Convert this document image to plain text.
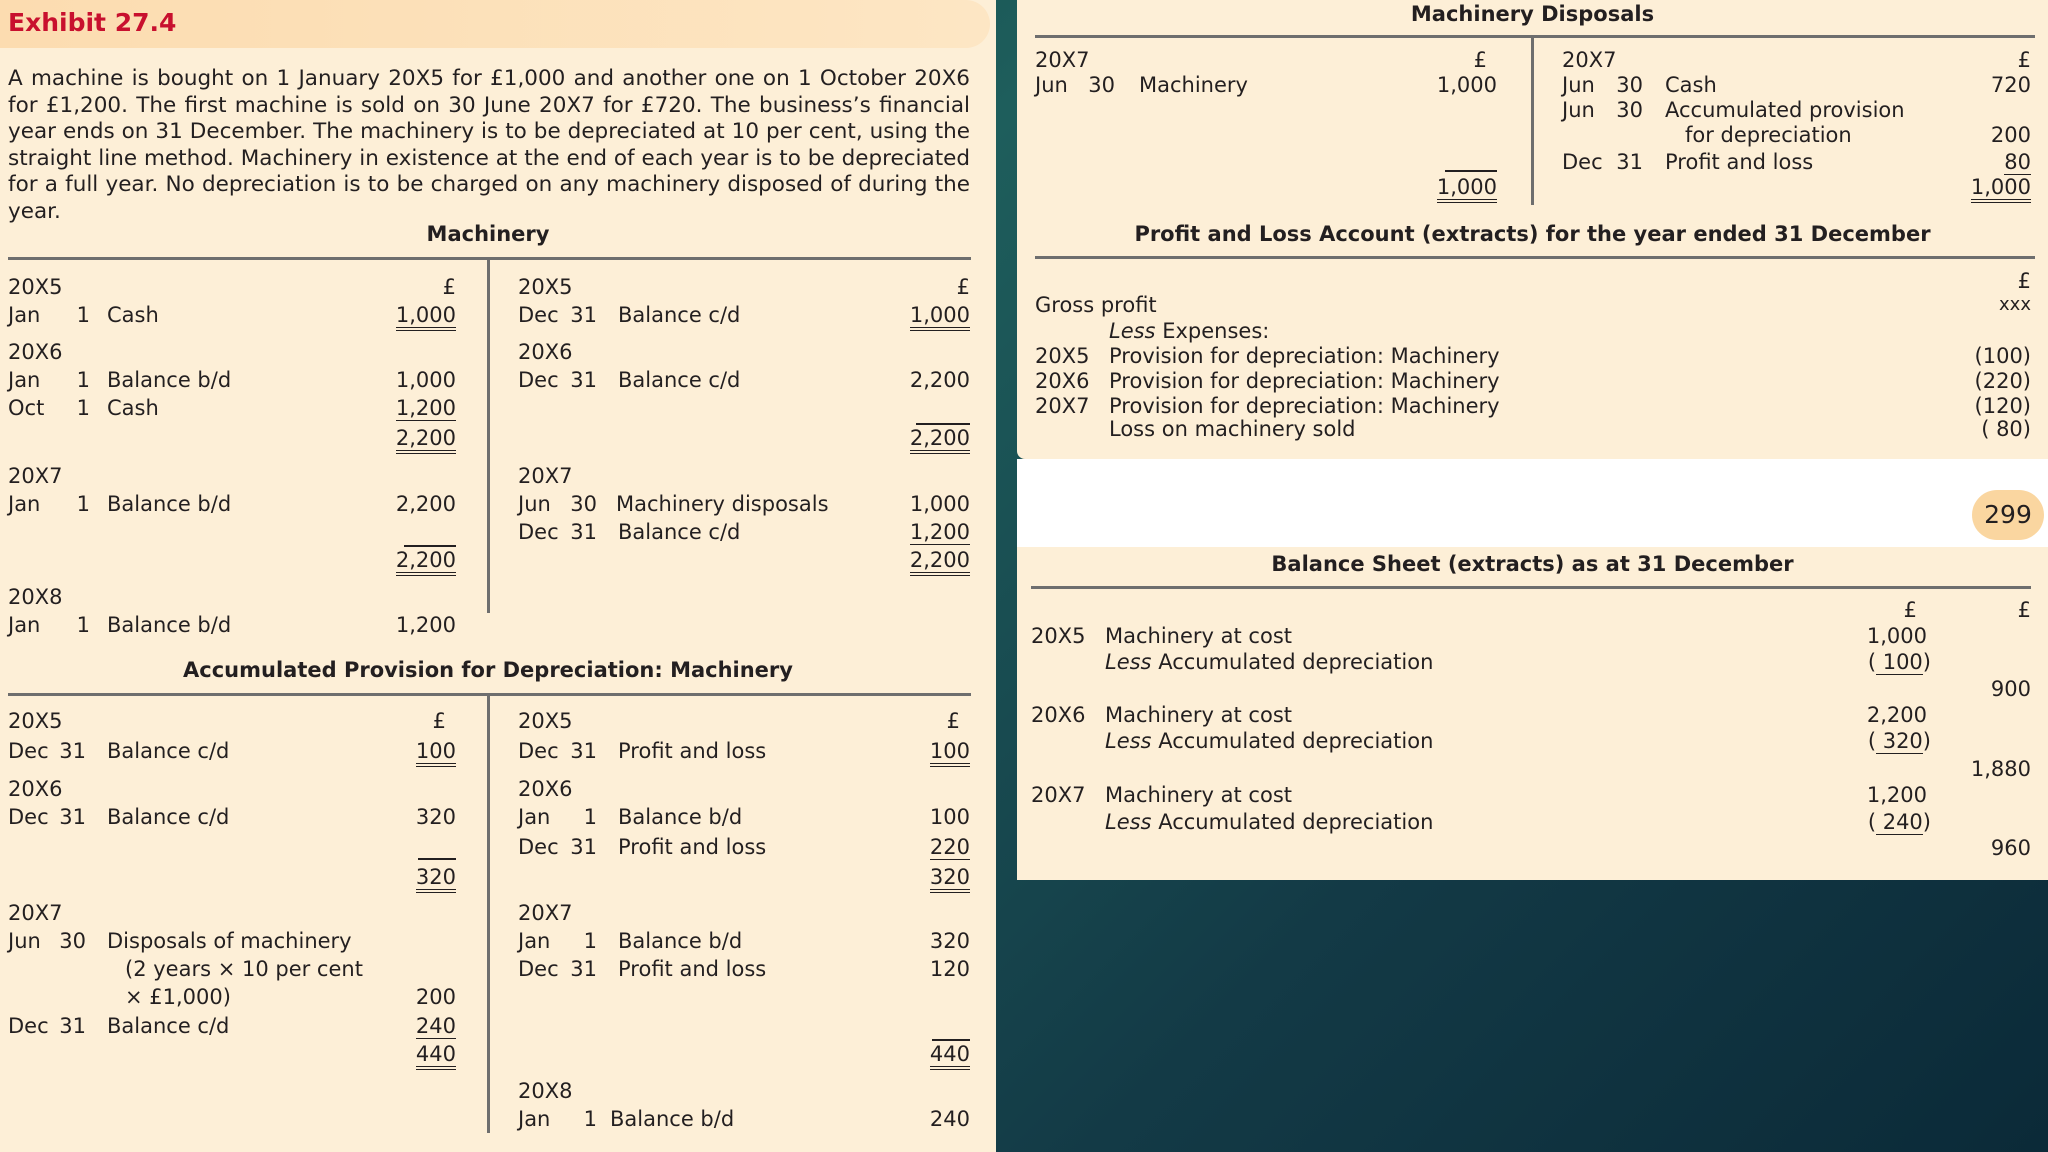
Exhibit 27.4
A machine is bought on 1 January 20X5 for £1,000 and another one on 1 October 20X6 for £1,200. The first machine is sold on 30 June 20X7 for £720. The business’s financial year ends on 31 December. The machinery is to be depreciated at 10 per cent, using the straight line method. Machinery in existence at the end of each year is to be depreciated for a full year. No depreciation is to be charged on any machinery disposed of during the year.
Machinery
20X5	£
Jan	1 Cash	1,000
20X6
Jan	1 Balance b/d	1,000
Oct	1 Cash	1,200
2,200
20X7
Jan	1 Balance b/d	2,200
2,200
20X8
Jan	1 Balance b/d	1,200
20X5	£
Dec 31 Balance c/d	1,000
20X6
Dec 31 Balance c/d	2,200
2,200
20X7
Jun 30 Machinery disposals	1,000
Dec 31 Balance c/d	1,200
2,200
Accumulated Provision for Depreciation: Machinery
20X5	£
Dec 31 Balance c/d	100
20X6
Dec 31 Balance c/d	320
320
20X7
Jun 30 Disposals of machinery
(2 years × 10 per cent
× £1,000)	200
Dec 31 Balance c/d	240
440
20X5	£
Dec 31 Profit and loss	100
20X6
Jan	1 Balance b/d	100
Dec 31 Profit and loss	220
320
20X7
Jan	1 Balance b/d	320
Dec 31 Profit and loss	120
440
20X8
Jan	1 Balance b/d	240
Machinery Disposals
20X7	£
Jun 30 Machinery	1,000
1,000
20X7	£
Jun	30 Cash	720
Jun	30 Accumulated provision
for depreciation	200
Dec 31 Profit and loss	80
1,000
Profit and Loss Account (extracts) for the year ended 31 December
£
Gross profit	xxx
Less Expenses:
20X5 Provision for depreciation: Machinery	(100)
20X6 Provision for depreciation: Machinery	(220)
20X7 Provision for depreciation: Machinery	(120)
Loss on machinery sold	( 80)
299
Balance Sheet (extracts) as at 31 December
£	£
20X5 Machinery at cost	1,000
Less Accumulated depreciation	( 100)
900
20X6 Machinery at cost	2,200
Less Accumulated depreciation	( 320)
1,880
20X7 Machinery at cost	1,200
Less Accumulated depreciation	( 240)
960
